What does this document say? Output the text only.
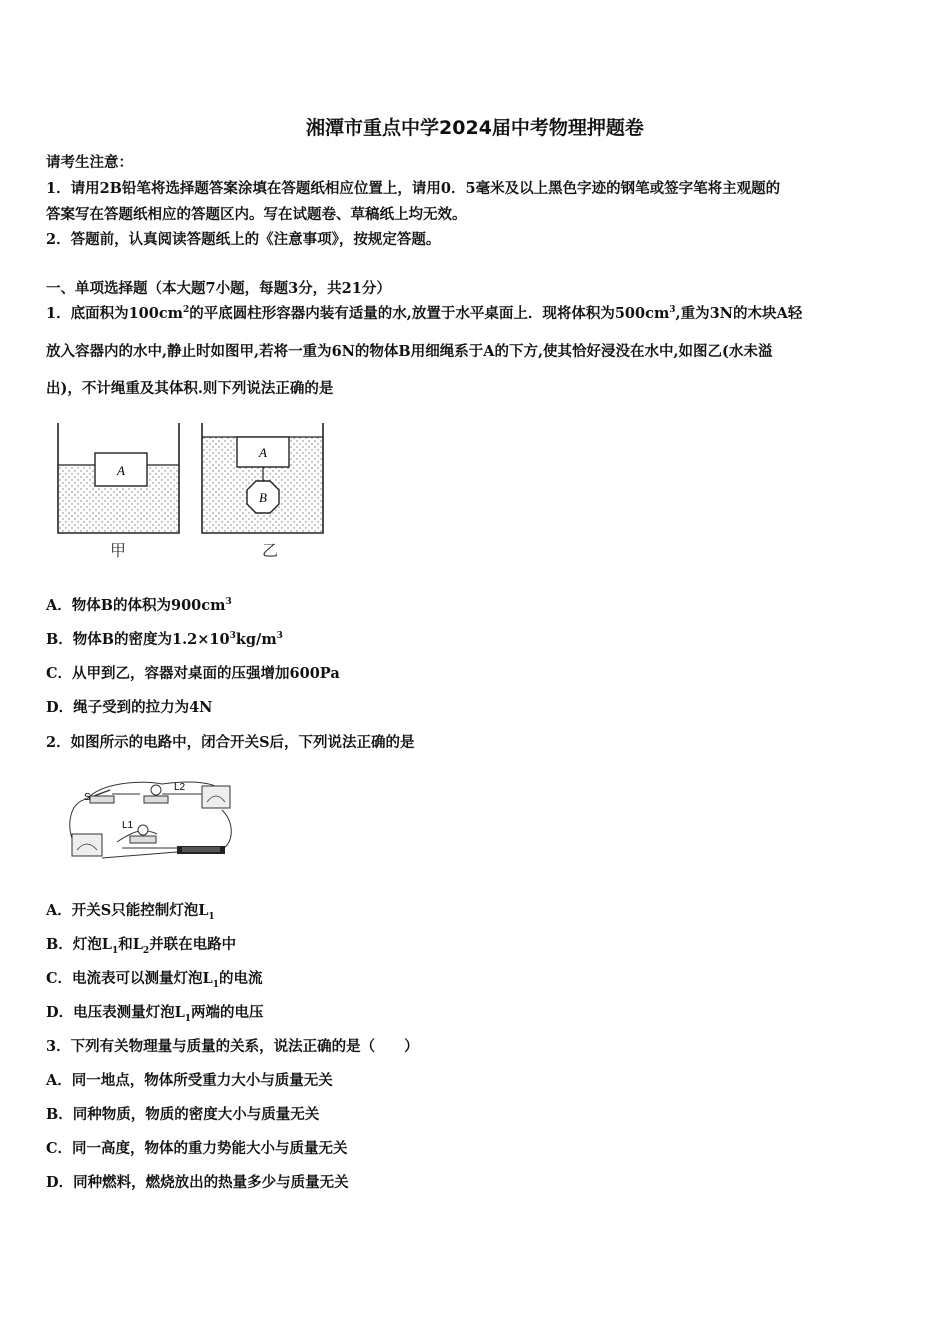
湘潭市重点中学2024届中考物理押题卷
请考生注意：
1．请用2B铅笔将选择题答案涂填在答题纸相应位置上，请用0．5毫米及以上黑色字迹的钢笔或签字笔将主观题的
答案写在答题纸相应的答题区内。写在试题卷、草稿纸上均无效。
2．答题前，认真阅读答题纸上的《注意事项》，按规定答题。
一、单项选择题（本大题7小题，每题3分，共21分）
1．底面积为$100cm^2$的平底圆柱形容器内装有适量的水,放置于水平桌面上．现将体积为$500cm^3$,重为3N的木块A轻
放入容器内的水中,静止时如图甲,若将一重为6N的物体B用细绳系于A的下方,使其恰好浸没在水中,如图乙(水未溢
出)，不计绳重及其体积.则下列说法正确的是
A
A
B
甲	乙
A．物体B的体积为$900cm^3$
B．物体B的密度为$1.2\times 10^3kg/m^3$
C．从甲到乙，容器对桌面的压强增加600Pa
D．绳子受到的拉力为4N
2．如图所示的电路中，闭合开关S后，下列说法正确的是
S
L2
L1
A．开关S只能控制灯泡$L_1$
B．灯泡$L_1$和$L_2$并联在电路中
C．电流表可以测量灯泡$L_1$的电流
D．电压表测量灯泡$L_1$两端的电压
3．下列有关物理量与质量的关系，说法正确的是（　　）
A．同一地点，物体所受重力大小与质量无关
B．同种物质，物质的密度大小与质量无关
C．同一高度，物体的重力势能大小与质量无关
D．同种燃料，燃烧放出的热量多少与质量无关
